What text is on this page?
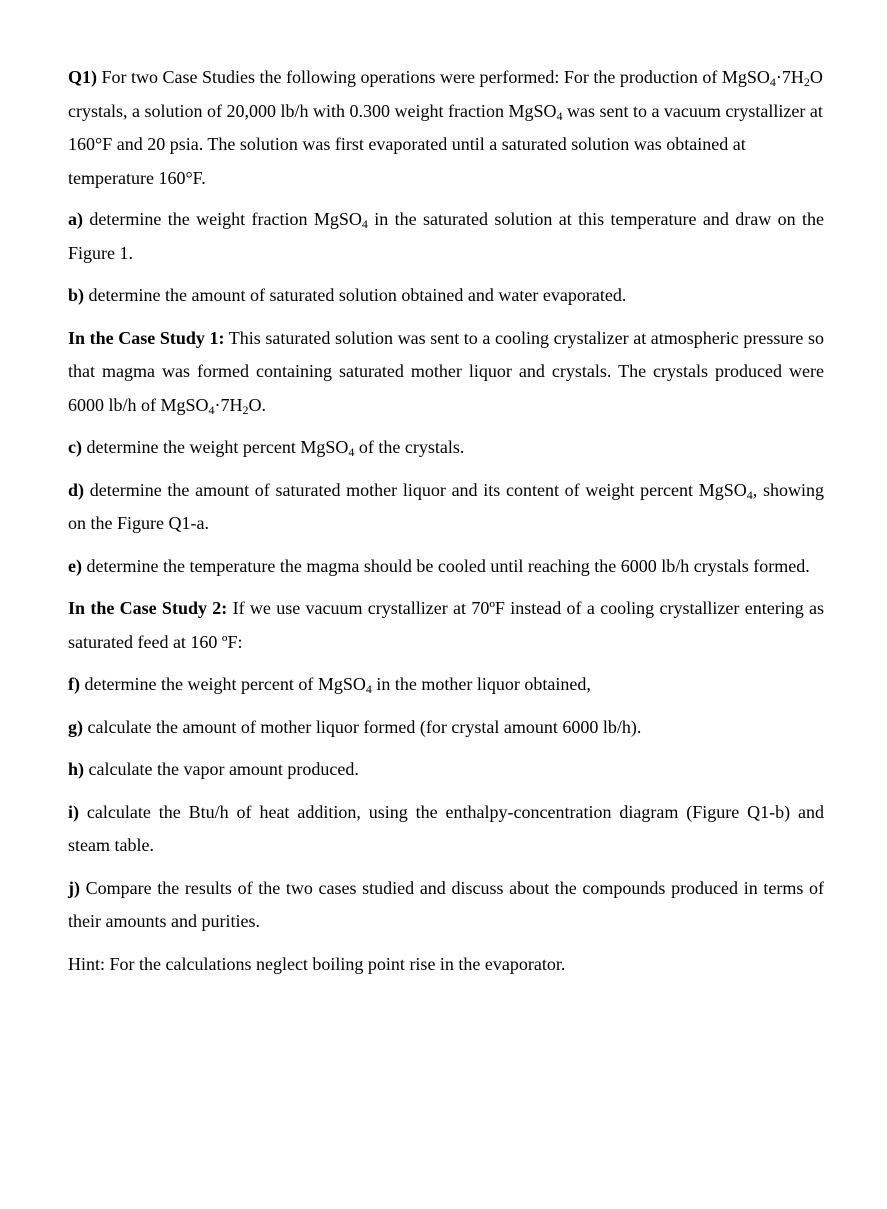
Q1) For two Case Studies the following operations were performed: For the production of $MgSO_4\cdot 7H_2O$ crystals, a solution of 20,000 lb/h with 0.300 weight fraction MgSO$_4$ was sent to a vacuum crystallizer at 160°F and 20 psia. The solution was first evaporated until a saturated solution was obtained at temperature 160°F.

a) determine the weight fraction MgSO$_4$ in the saturated solution at this temperature and draw on the Figure 1.

b) determine the amount of saturated solution obtained and water evaporated.

In the Case Study 1: This saturated solution was sent to a cooling crystalizer at atmospheric pressure so that magma was formed containing saturated mother liquor and crystals. The crystals produced were 6000 lb/h of $MgSO_4\cdot 7H_2O$.

c) determine the weight percent MgSO$_4$ of the crystals.

d) determine the amount of saturated mother liquor and its content of weight percent MgSO$_4$, showing on the Figure Q1-a.

e) determine the temperature the magma should be cooled until reaching the 6000 lb/h crystals formed.

In the Case Study 2: If we use vacuum crystallizer at 70ºF instead of a cooling crystallizer entering as saturated feed at 160 ºF:

f) determine the weight percent of MgSO$_4$ in the mother liquor obtained,

g) calculate the amount of mother liquor formed (for crystal amount 6000 lb/h).

h) calculate the vapor amount produced.

i) calculate the Btu/h of heat addition, using the enthalpy-concentration diagram (Figure Q1-b) and steam table.

j) Compare the results of the two cases studied and discuss about the compounds produced in terms of their amounts and purities.

Hint: For the calculations neglect boiling point rise in the evaporator.
